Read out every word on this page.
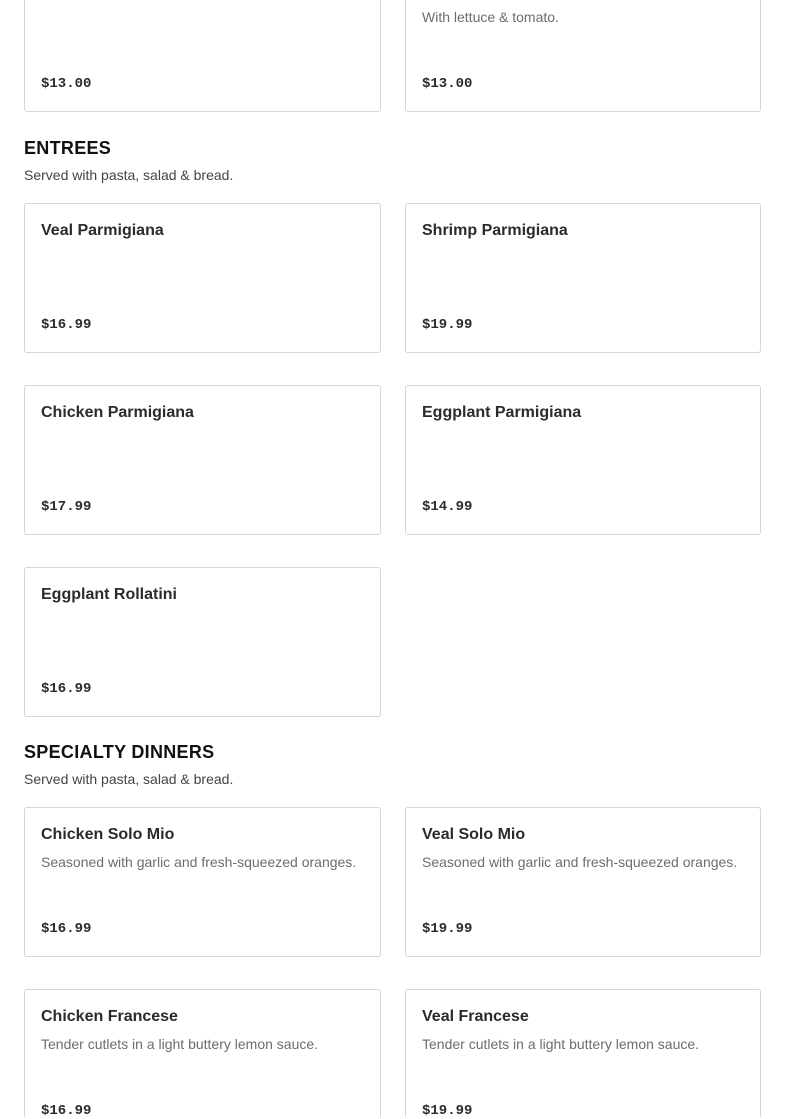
$13.00
With lettuce & tomato.
$13.00
ENTREES

Served with pasta, salad & bread.

Veal Parmigiana
$16.99
Shrimp Parmigiana
$19.99
Chicken Parmigiana
$17.99
Eggplant Parmigiana
$14.99
Eggplant Rollatini
$16.99
SPECIALTY DINNERS

Served with pasta, salad & bread.

Chicken Solo Mio
Seasoned with garlic and fresh-squeezed oranges.
$16.99
Veal Solo Mio
Seasoned with garlic and fresh-squeezed oranges.
$19.99
Chicken Francese
Tender cutlets in a light buttery lemon sauce.
$16.99
Veal Francese
Tender cutlets in a light buttery lemon sauce.
$19.99
